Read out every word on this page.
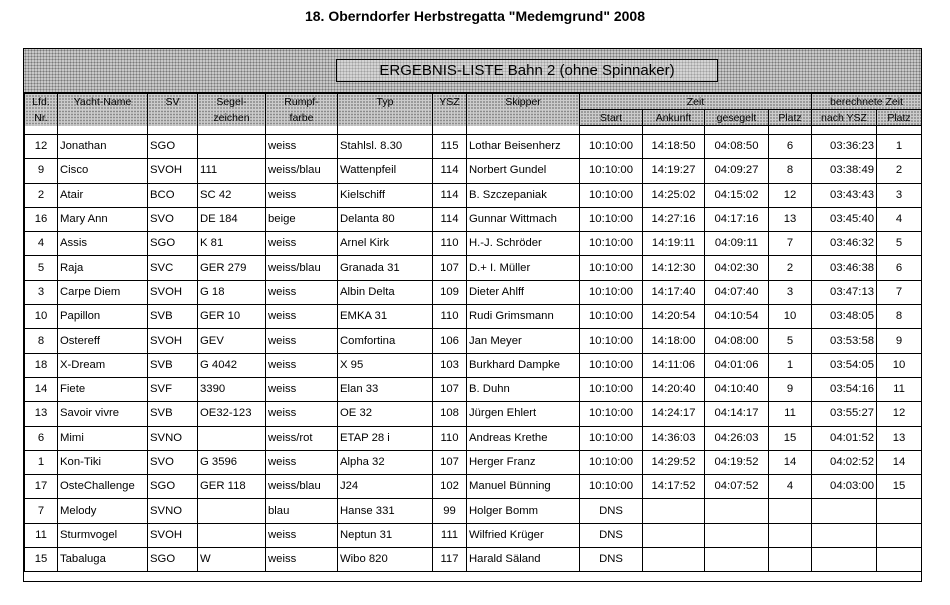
18. Oberndorfer Herbstregatta "Medemgrund" 2008
ERGEBNIS-LISTE Bahn 2 (ohne Spinnaker)
Lfd.	Yacht-Name	SV	Segel-	Rumpf-	Typ	YSZ	Skipper	Zeit				berechnete Zeit	
Nr.			zeichen	farbe				Start	Ankunft	gesegelt	Platz	nach YSZ	Platz

12	Jonathan	SGO		weiss	Stahlsl. 8.30	115	Lothar Beisenherz	10:10:00	14:18:50	04:08:50	6	03:36:23	1
9	Cisco	SVOH	111	weiss/blau	Wattenpfeil	114	Norbert Gundel	10:10:00	14:19:27	04:09:27	8	03:38:49	2
2	Atair	BCO	SC 42	weiss	Kielschiff	114	B. Szczepaniak	10:10:00	14:25:02	04:15:02	12	03:43:43	3
16	Mary Ann	SVO	DE 184	beige	Delanta 80	114	Gunnar Wittmach	10:10:00	14:27:16	04:17:16	13	03:45:40	4
4	Assis	SGO	K 81	weiss	Arnel Kirk	110	H.-J. Schröder	10:10:00	14:19:11	04:09:11	7	03:46:32	5
5	Raja	SVC	GER 279	weiss/blau	Granada 31	107	D.+ I. Müller	10:10:00	14:12:30	04:02:30	2	03:46:38	6
3	Carpe Diem	SVOH	G 18	weiss	Albin Delta	109	Dieter Ahlff	10:10:00	14:17:40	04:07:40	3	03:47:13	7
10	Papillon	SVB	GER 10	weiss	EMKA 31	110	Rudi Grimsmann	10:10:00	14:20:54	04:10:54	10	03:48:05	8
8	Ostereff	SVOH	GEV	weiss	Comfortina	106	Jan Meyer	10:10:00	14:18:00	04:08:00	5	03:53:58	9
18	X-Dream	SVB	G 4042	weiss	X 95	103	Burkhard Dampke	10:10:00	14:11:06	04:01:06	1	03:54:05	10
14	Fiete	SVF	3390	weiss	Elan 33	107	B. Duhn	10:10:00	14:20:40	04:10:40	9	03:54:16	11
13	Savoir vivre	SVB	OE32-123	weiss	OE 32	108	Jürgen Ehlert	10:10:00	14:24:17	04:14:17	11	03:55:27	12
6	Mimi	SVNO		weiss/rot	ETAP 28 i	110	Andreas Krethe	10:10:00	14:36:03	04:26:03	15	04:01:52	13
1	Kon-Tiki	SVO	G 3596	weiss	Alpha 32	107	Herger Franz	10:10:00	14:29:52	04:19:52	14	04:02:52	14
17	OsteChallenge	SGO	GER 118	weiss/blau	J24	102	Manuel Bünning	10:10:00	14:17:52	04:07:52	4	04:03:00	15
7	Melody	SVNO		blau	Hanse 331	99	Holger Bomm	DNS					
11	Sturmvogel	SVOH		weiss	Neptun 31	111	Wilfried Krüger	DNS					
15	Tabaluga	SGO	W	weiss	Wibo 820	117	Harald Säland	DNS					
